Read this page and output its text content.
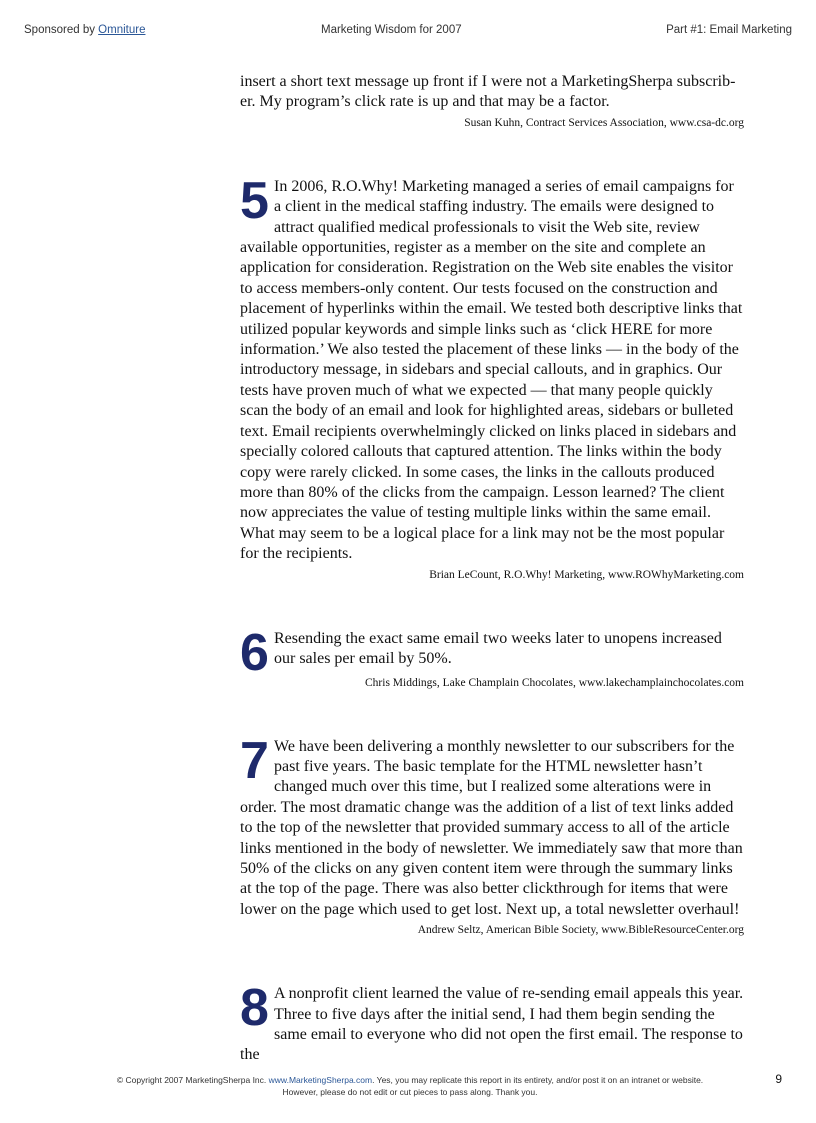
Sponsored by Omniture	Marketing Wisdom for 2007	Part #1: Email Marketing

insert a short text message up front if I were not a MarketingSherpa subscrib-er. My program’s click rate is up and that may be a factor.

Susan Kuhn, Contract Services Association, www.csa-dc.org
5 In 2006, R.O.Why! Marketing managed a series of email campaigns for a client in the medical staffing industry. The emails were designed to attract qualified medical professionals to visit the Web site, review available opportunities, register as a member on the site and complete an application for consideration. Registration on the Web site enables the visitor to access members-only content. Our tests focused on the construction and placement of hyperlinks within the email. We tested both descriptive links that utilized popular keywords and simple links such as ‘click HERE for more information.’ We also tested the placement of these links — in the body of the introductory message, in sidebars and special callouts, and in graphics. Our tests have proven much of what we expected — that many people quickly scan the body of an email and look for highlighted areas, sidebars or bulleted text. Email recipients overwhelmingly clicked on links placed in sidebars and specially colored callouts that captured attention. The links within the body copy were rarely clicked. In some cases, the links in the callouts produced more than 80% of the clicks from the campaign. Lesson learned? The client now appreciates the value of testing multiple links within the same email. What may seem to be a logical place for a link may not be the most popular for the recipients.

Brian LeCount, R.O.Why! Marketing, www.ROWhyMarketing.com
6 Resending the exact same email two weeks later to unopens increased our sales per email by 50%.

Chris Middings, Lake Champlain Chocolates, www.lakechamplainchocolates.com
7 We have been delivering a monthly newsletter to our subscribers for the past five years. The basic template for the HTML newsletter hasn’t changed much over this time, but I realized some alterations were in order. The most dramatic change was the addition of a list of text links added to the top of the newsletter that provided summary access to all of the article links mentioned in the body of newsletter. We immediately saw that more than 50% of the clicks on any given content item were through the summary links at the top of the page. There was also better clickthrough for items that were lower on the page which used to get lost. Next up, a total newsletter overhaul!

Andrew Seltz, American Bible Society, www.BibleResourceCenter.org
8 A nonprofit client learned the value of re-sending email appeals this year. Three to five days after the initial send, I had them begin sending the same email to everyone who did not open the first email. The response to the

© Copyright 2007 MarketingSherpa Inc. www.MarketingSherpa.com. Yes, you may replicate this report in its entirety, and/or post it on an intranet or website.
However, please do not edit or cut pieces to pass along. Thank you.
9
